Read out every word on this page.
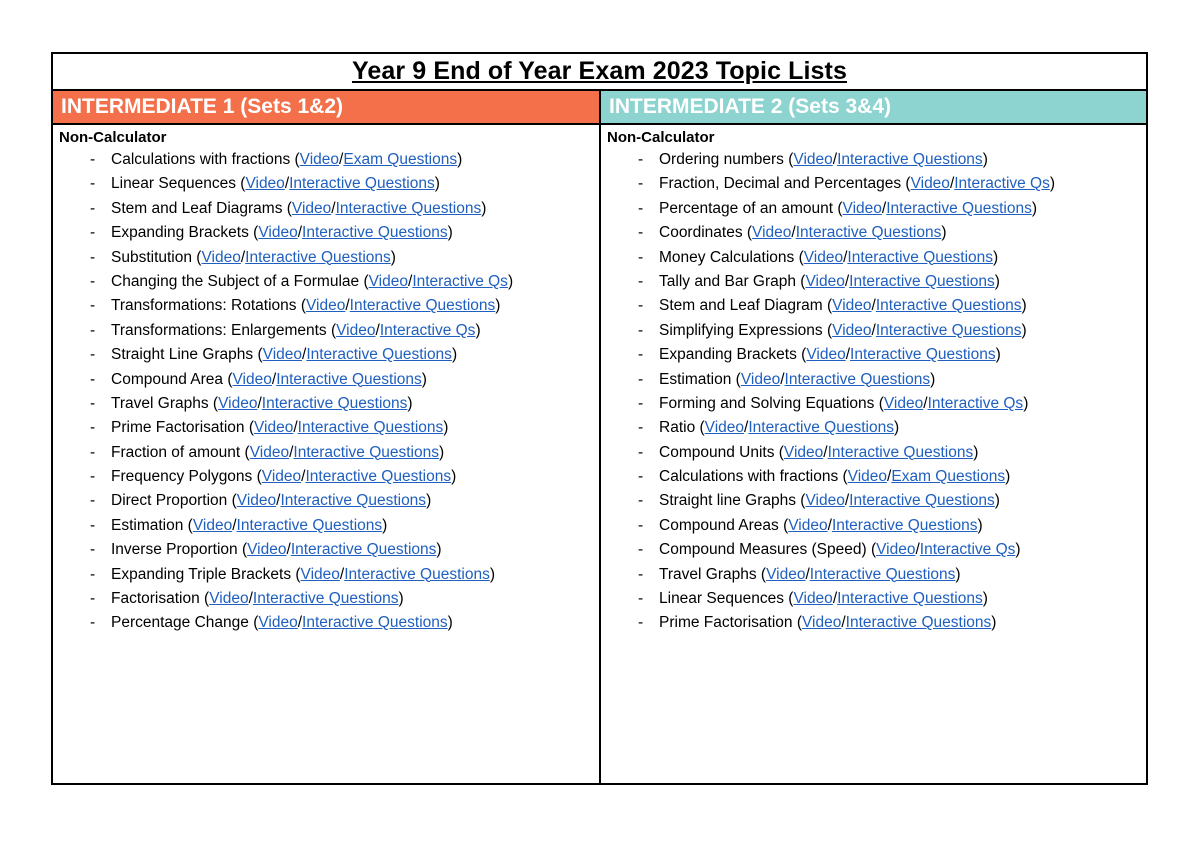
Year 9 End of Year Exam 2023 Topic Lists
INTERMEDIATE 1 (Sets 1&2)
Non-Calculator
- Calculations with fractions (Video/Exam Questions)
- Linear Sequences (Video/Interactive Questions)
- Stem and Leaf Diagrams (Video/Interactive Questions)
- Expanding Brackets (Video/Interactive Questions)
- Substitution (Video/Interactive Questions)
- Changing the Subject of a Formulae (Video/Interactive Qs)
- Transformations: Rotations (Video/Interactive Questions)
- Transformations: Enlargements (Video/Interactive Qs)
- Straight Line Graphs (Video/Interactive Questions)
- Compound Area (Video/Interactive Questions)
- Travel Graphs (Video/Interactive Questions)
- Prime Factorisation (Video/Interactive Questions)
- Fraction of amount (Video/Interactive Questions)
- Frequency Polygons (Video/Interactive Questions)
- Direct Proportion (Video/Interactive Questions)
- Estimation (Video/Interactive Questions)
- Inverse Proportion (Video/Interactive Questions)
- Expanding Triple Brackets (Video/Interactive Questions)
- Factorisation (Video/Interactive Questions)
- Percentage Change (Video/Interactive Questions)
INTERMEDIATE 2 (Sets 3&4)
Non-Calculator
- Ordering numbers (Video/Interactive Questions)
- Fraction, Decimal and Percentages (Video/Interactive Qs)
- Percentage of an amount (Video/Interactive Questions)
- Coordinates (Video/Interactive Questions)
- Money Calculations (Video/Interactive Questions)
- Tally and Bar Graph (Video/Interactive Questions)
- Stem and Leaf Diagram (Video/Interactive Questions)
- Simplifying Expressions (Video/Interactive Questions)
- Expanding Brackets (Video/Interactive Questions)
- Estimation (Video/Interactive Questions)
- Forming and Solving Equations (Video/Interactive Qs)
- Ratio (Video/Interactive Questions)
- Compound Units (Video/Interactive Questions)
- Calculations with fractions (Video/Exam Questions)
- Straight line Graphs (Video/Interactive Questions)
- Compound Areas (Video/Interactive Questions)
- Compound Measures (Speed) (Video/Interactive Qs)
- Travel Graphs (Video/Interactive Questions)
- Linear Sequences (Video/Interactive Questions)
- Prime Factorisation (Video/Interactive Questions)
